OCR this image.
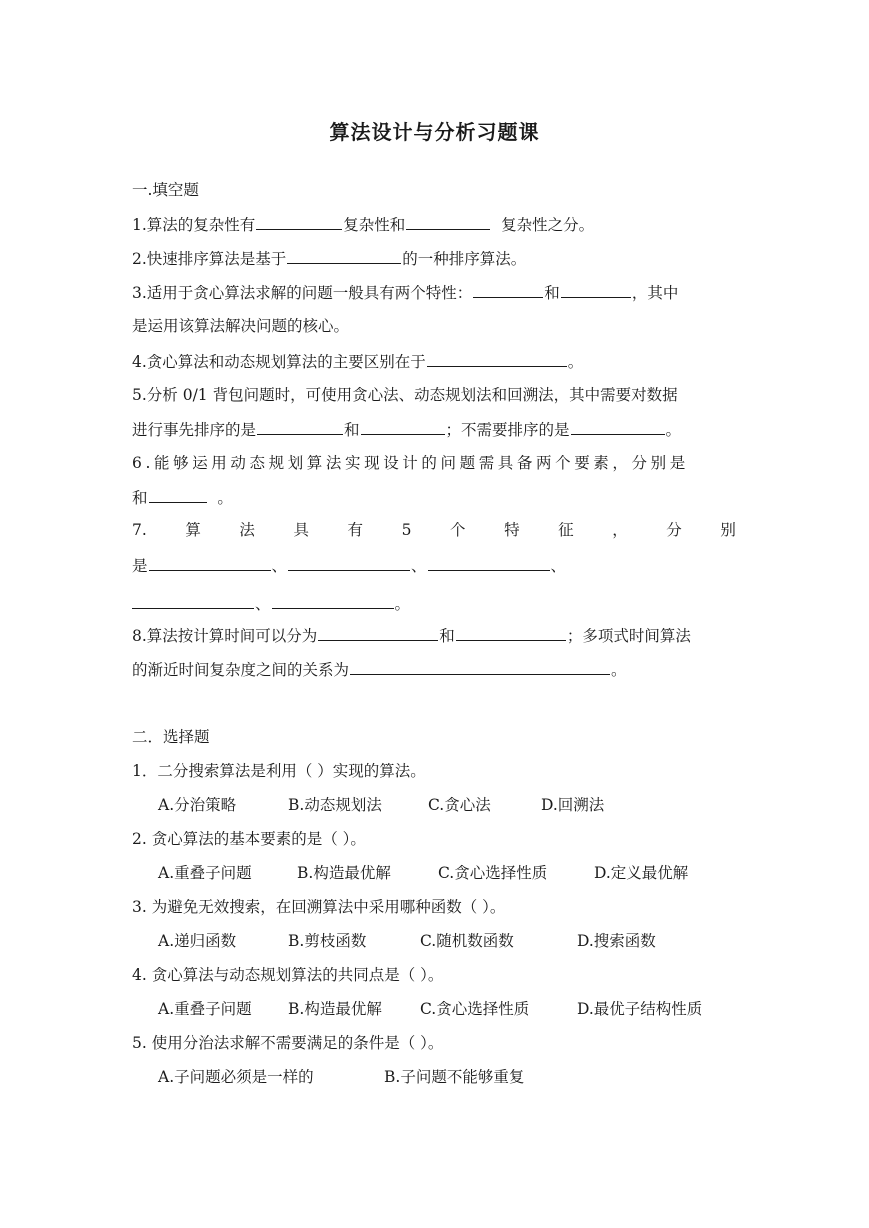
算法设计与分析习题课
一.填空题
1.算法的复杂性有	复杂性和	复杂性之分。
2.快速排序算法是基于	的一种排序算法。
3.适用于贪心算法求解的问题一般具有两个特性：	和	，其中
是运用该算法解决问题的核心。
4.贪心算法和动态规划算法的主要区别在于	。
5.分析 0/1 背包问题时，可使用贪心法、动态规划法和回溯法，其中需要对数据
进行事先排序的是	和	；不需要排序的是	。
6.能够运用动态规划算法实现设计的问题需具备两个要素，分别是
和	。
7. 算 法 具 有 5 个 特 征 ， 分 别
是	、	、	、
、	。
8.算法按计算时间可以分为	和	；多项式时间算法
的渐近时间复杂度之间的关系为	。
二．选择题
1．二分搜索算法是利用（ ）实现的算法。
A.分治策略	B.动态规划法	C.贪心法	D.回溯法
2. 贪心算法的基本要素的是（ ）。
A.重叠子问题	B.构造最优解	C.贪心选择性质	D.定义最优解
3. 为避免无效搜索，在回溯算法中采用哪种函数（ ）。
A.递归函数	B.剪枝函数	C.随机数函数	D.搜索函数
4. 贪心算法与动态规划算法的共同点是（ ）。
A.重叠子问题 B.构造最优解 C.贪心选择性质	D.最优子结构性质
5. 使用分治法求解不需要满足的条件是（ ）。
A.子问题必须是一样的	B.子问题不能够重复
